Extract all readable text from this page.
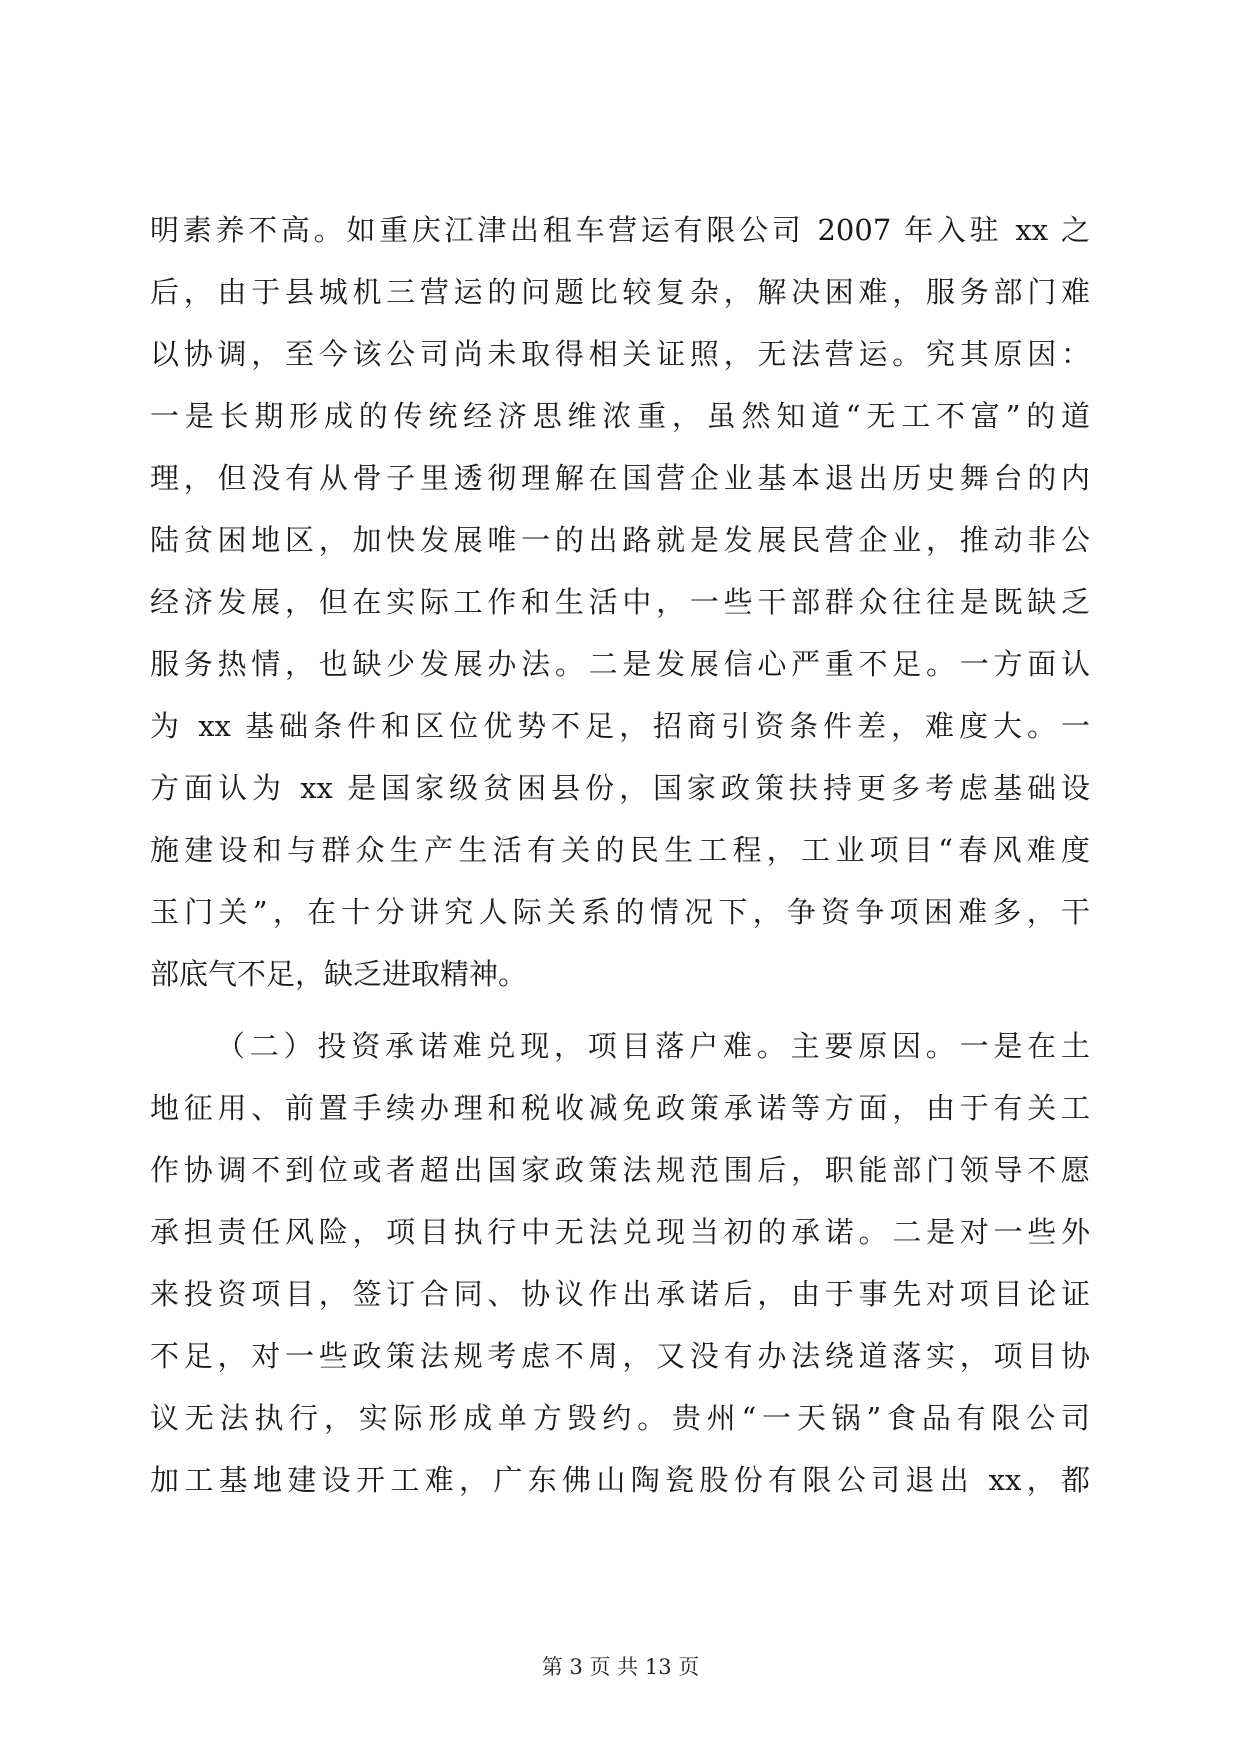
明素养不高。如重庆江津出租车营运有限公司 2007 年入驻 xx 之
后，由于县城机三营运的问题比较复杂，解决困难，服务部门难
以协调，至今该公司尚未取得相关证照，无法营运。究其原因：
一是长期形成的传统经济思维浓重，虽然知道“无工不富”的道
理，但没有从骨子里透彻理解在国营企业基本退出历史舞台的内
陆贫困地区，加快发展唯一的出路就是发展民营企业，推动非公
经济发展，但在实际工作和生活中，一些干部群众往往是既缺乏
服务热情，也缺少发展办法。二是发展信心严重不足。一方面认
为 xx 基础条件和区位优势不足，招商引资条件差，难度大。一
方面认为 xx 是国家级贫困县份，国家政策扶持更多考虑基础设
施建设和与群众生产生活有关的民生工程，工业项目“春风难度
玉门关”，在十分讲究人际关系的情况下，争资争项困难多，干
部底气不足，缺乏进取精神。
（二）投资承诺难兑现，项目落户难。主要原因。一是在土
地征用、前置手续办理和税收减免政策承诺等方面，由于有关工
作协调不到位或者超出国家政策法规范围后，职能部门领导不愿
承担责任风险，项目执行中无法兑现当初的承诺。二是对一些外
来投资项目，签订合同、协议作出承诺后，由于事先对项目论证
不足，对一些政策法规考虑不周，又没有办法绕道落实，项目协
议无法执行，实际形成单方毁约。贵州“一天锅”食品有限公司
加工基地建设开工难，广东佛山陶瓷股份有限公司退出 xx，都
第 3 页 共 13 页
